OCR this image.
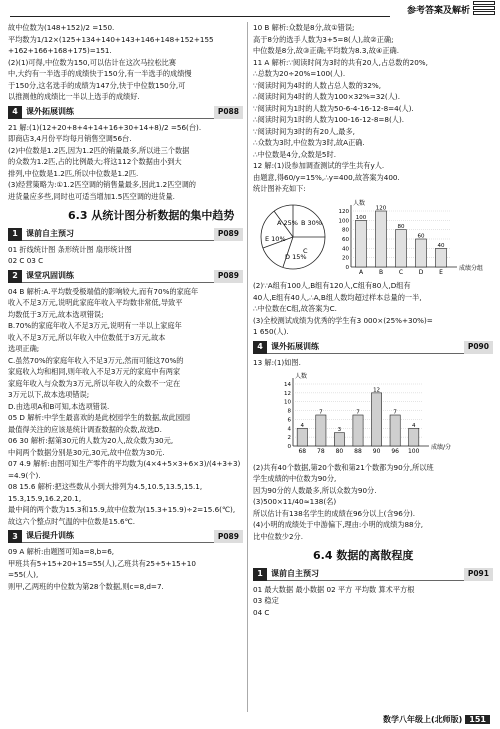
参考答案及解析
故中位数为(148+152)/2 =150.
平均数为1/12×(125+134+140+143+146+148+152+155
+162+166+168+175)=151.
(2)(1)可得,中位数为150,可以估计在这次马拉松比赛
中,大约有一半选手的成绩快于150分,有一半选手的成绩慢
于150分,这名选手的成绩为147分,快于中位数150分,可
以推测他的成绩比一半以上选手的成绩好.
4	课外拓展训练	P088
21 解:(1)(12+20+8+4+14+16+30+14+8)/2 =56(台).
即商店3,4月份平均每月销售空调56台.
(2)中位数是1.2匹,因为1.2匹的销量最多,所以进三个数据
的众数为1.2匹,占的比例最大;将这112个数据由小到大
排列,中位数是1.2匹,所以中位数是1.2匹.
(3)经营策略为:①1.2匹空调的销售量最多,因此1.2匹空调的
进货量应多些,同时也可适当增加1.5匹空调的进货量.
6.3 从统计图分析数据的集中趋势
1	课前自主预习	P089
01 折线统计图 条形统计图 扇形统计图
02 C 03 C
2	课堂巩固训练	P089
04 B 解析:A.平均数受极端值的影响较大,而有70%的家庭年
收入不足3万元,说明此家庭年收入平均数非常低,导致平
均数低于3万元,故本选项错误;
B.70%的家庭年收入不足3万元,说明有一半以上家庭年
收入不足3万元,所以年收入中位数低于3万元,故本
选项正确;
C.虽然70%的家庭年收入不足3万元,然而可能这70%的
家庭收入均和相同,则年收入不足3万元的家庭中有两家
家庭年收入与众数为3万元,所以年收入的众数不一定在
3万元以下,故本选项错误;
D.由选项A和B可知,本选项错误.
05 D 解析:中学生最喜欢的是此校园学生的数据,故此园园
最值得关注的应该是统计调查数据的众数,故选D.
06 30 解析:据第30元的人数为20人,故众数为30元,
中间两个数据分别是30元,30元,故中位数为30元.
07 4.9 解析:由图可知生产零件的平均数为(4×4+5×3+6×3)/(4+3+3)
=4.9(个).
08 15.6 解析:把这些数从小到大排列为4.5,10.5,13.5,15.1,
15.3,15.9,16.2,20.1,
最中间的两个数为15.3和15.9,故中位数为(15.3+15.9)÷2=15.6(℃),
故这六个整点时气温的中位数是15.6℃.
3	课后提升训练	P089
09 A 解析:由题图可知a=8,b=6,
甲班共有5+15+20+15=55(人),乙班共有25+5+15+10
=55(人),
则甲,乙两班的中位数为第28个数据,则c=8,d=7.
10 B 解析:众数是8分,故①错误;
高于8分的选手人数为3+5=8(人),故②正确;
中位数是8分,故③正确;平均数为8.3,故④正确.
11 A 解析:∵阅读时间为3时的共有20人,占总数的20%,
∴总数为20÷20%=100(人).
∵阅读时间为4时的人数占总人数的32%,
∴阅读时间为4时的人数为100×32%=32(人).
∵阅读时间为1时的人数为50-6-4-16-12-8=4(人).
∴阅读时间为1时的人数为100-16-12-8=8(人).
∵阅读时间为3时的有20人,最多,
∴众数为3时,中位数为3时,故A正确.
∴中位数是4分,众数是5时.
12 解:(1)设参加调查测试的学生共有y人.
由题意,得60/y=15%,∴y=400,故答案为400.
统计图补充如下:
A 25% B 30%
C
D 15%
E 10%
0
20
40
60
80
100
120
人数
成绩分组
100
A
120
B
80
C
60
D
40
E
(2)∵A组有100人,B组有120人,C组有80人,D组有
40人,E组有40人,∴A,B组人数均超过样本总量的一半,
∴中位数在C组,故答案为C.
(3)全校测试成绩为优秀的学生有3 000×(25%+30%)=
1 650(人).
4	课外拓展训练	P090
13 解:(1)如图.
0
2
4
6
8
10
12
14
人数
成绩/分
4
68
7
78
3
80
7
88
12
90
7
96
4
100
(2)共有40个数据,第20个数和第21个数都为90分,所以班
学生成绩的中位数为90分,
因为90分的人数最多,所以众数为90分.
(3)500×11/40≈138(名)
所以估计有138名学生的成绩在96分以上(含96分).
(4)小明的成绩处于中游偏下,理由:小明的成绩为88分,
比中位数少2分.
6.4 数据的离散程度
1	课前自主预习	P091
01 最大数据 最小数据 02 平方 平均数 算术平方根
03 稳定
04 C
数学八年级上(北师版) 151
